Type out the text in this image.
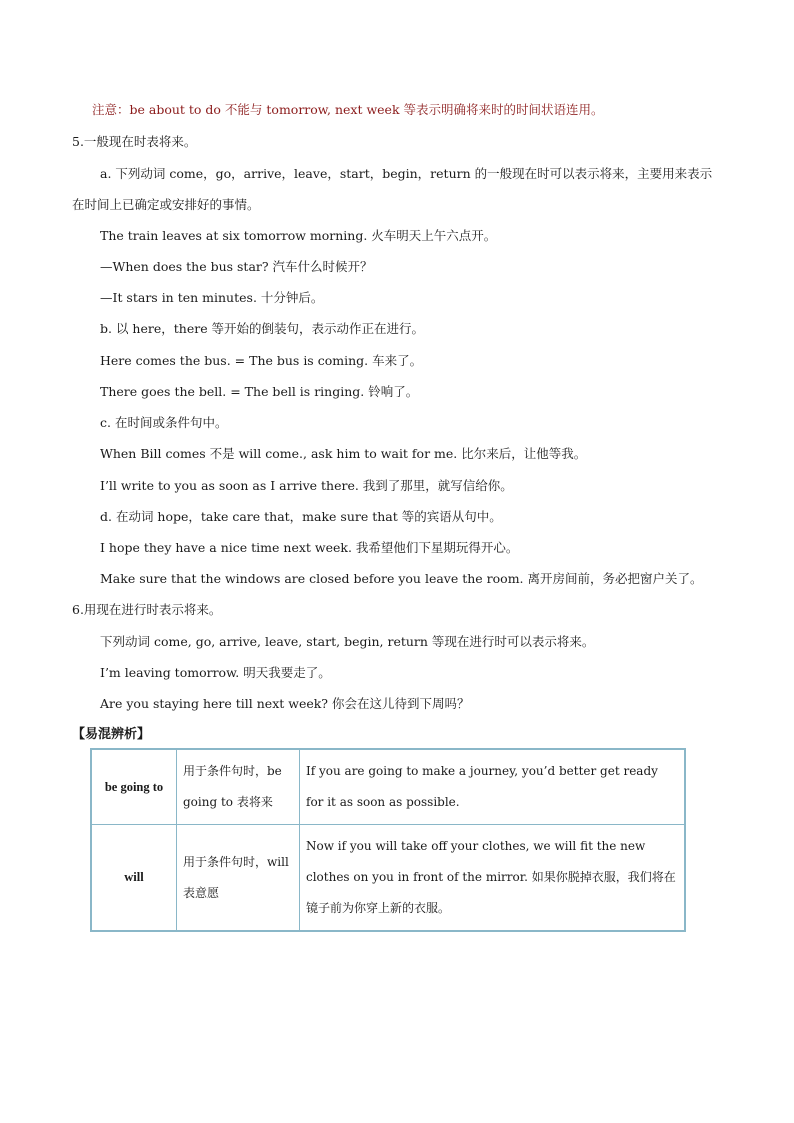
注意：be about to do 不能与 tomorrow, next week 等表示明确将来时的时间状语连用。
5.一般现在时表将来。
a. 下列动词 come，go，arrive，leave，start，begin，return 的一般现在时可以表示将来，主要用来表示
在时间上已确定或安排好的事情。
The train leaves at six tomorrow morning. 火车明天上午六点开。
—When does the bus star? 汽车什么时候开？
—It stars in ten minutes. 十分钟后。
b. 以 here，there 等开始的倒装句，表示动作正在进行。
Here comes the bus. = The bus is coming. 车来了。
There goes the bell. = The bell is ringing. 铃响了。
c. 在时间或条件句中。
When Bill comes 不是 will come., ask him to wait for me. 比尔来后，让他等我。
I’ll write to you as soon as I arrive there. 我到了那里，就写信给你。
d. 在动词 hope，take care that，make sure that 等的宾语从句中。
I hope they have a nice time next week. 我希望他们下星期玩得开心。
Make sure that the windows are closed before you leave the room. 离开房间前，务必把窗户关了。
6.用现在进行时表示将来。
下列动词 come, go, arrive, leave, start, begin, return 等现在进行时可以表示将来。
I’m leaving tomorrow. 明天我要走了。
Are you staying here till next week? 你会在这儿待到下周吗？
【易混辨析】
be going to	用于条件句时，be going to 表将来	If you are going to make a journey, you’d better get ready for it as soon as possible.
will	用于条件句时，will 表意愿	Now if you will take off your clothes, we will fit the new clothes on you in front of the mirror. 如果你脱掉衣服，我们将在镜子前为你穿上新的衣服。
